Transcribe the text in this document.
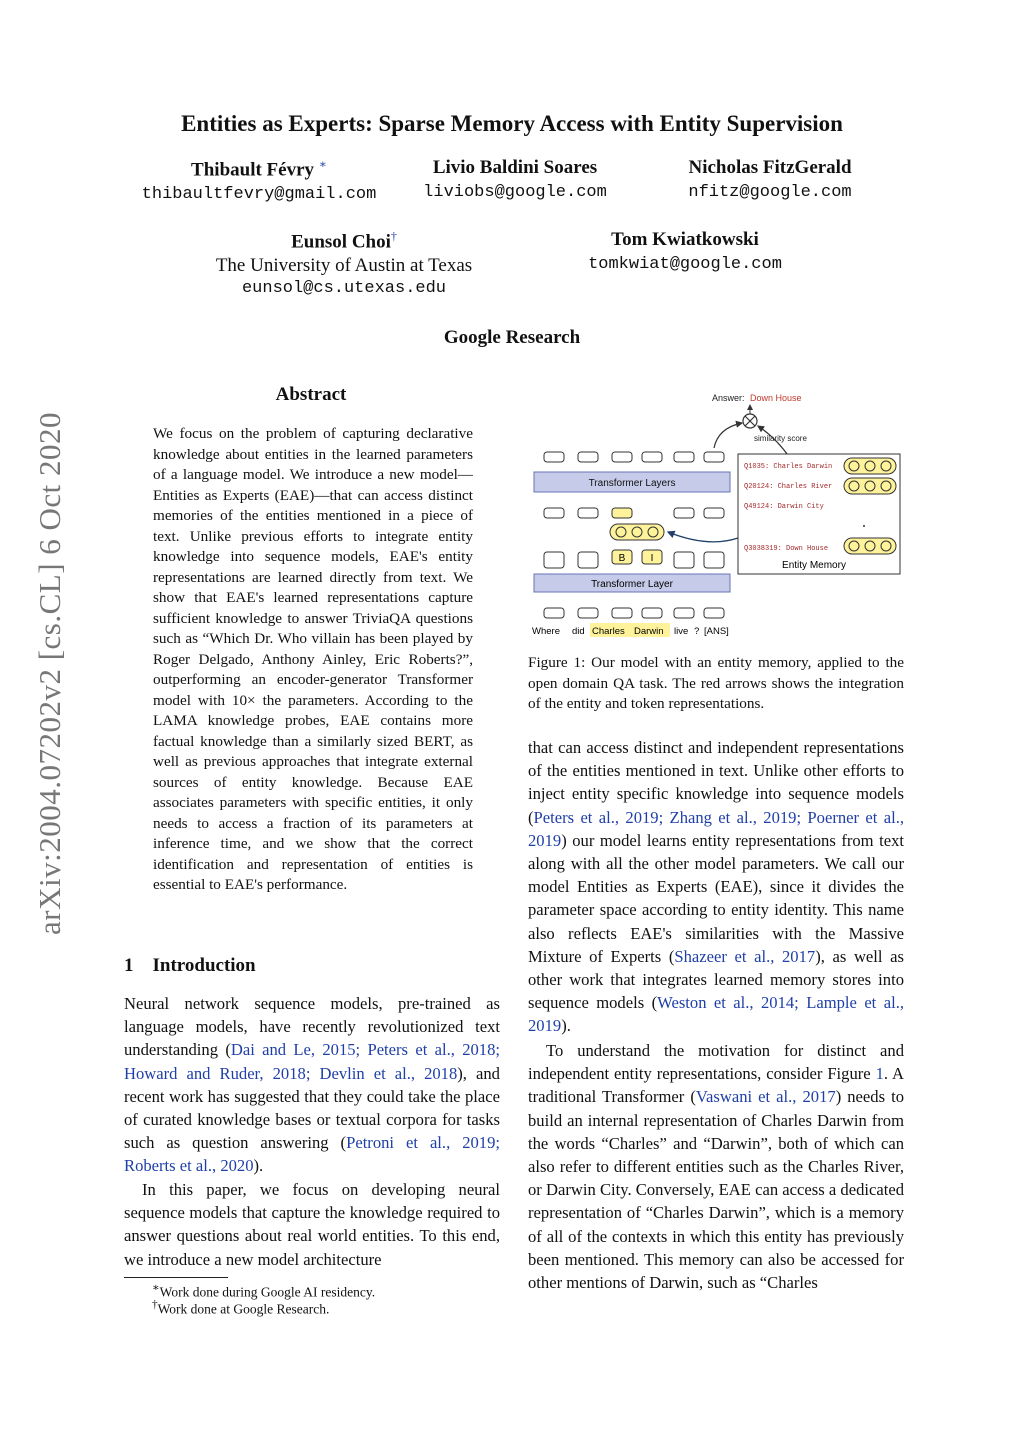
Entities as Experts: Sparse Memory Access with Entity Supervision
arXiv:2004.07202v2 [cs.CL] 6 Oct 2020
Thibault Févry ∗
thibaultfevry@gmail.com
Livio Baldini Soares
liviobs@google.com
Nicholas FitzGerald
nfitz@google.com
Eunsol Choi†
The University of Austin at Texas
eunsol@cs.utexas.edu
Tom Kwiatkowski
tomkwiat@google.com
Google Research
Abstract
We focus on the problem of capturing declarative knowledge about entities in the learned parameters of a language model. We introduce a new model—Entities as Experts (EAE)—that can access distinct memories of the entities mentioned in a piece of text. Unlike previous efforts to integrate entity knowledge into sequence models, EAE's entity representations are learned directly from text. We show that EAE's learned representations capture sufficient knowledge to answer TriviaQA questions such as “Which Dr. Who villain has been played by Roger Delgado, Anthony Ainley, Eric Roberts?”, outperforming an encoder-generator Transformer model with 10× the parameters. According to the LAMA knowledge probes, EAE contains more factual knowledge than a similarly sized BERT, as well as previous approaches that integrate external sources of entity knowledge. Because EAE associates parameters with specific entities, it only needs to access a fraction of its parameters at inference time, and we show that the correct identification and representation of entities is essential to EAE's performance.
1 Introduction
Neural network sequence models, pre-trained as language models, have recently revolutionized text understanding (Dai and Le, 2015; Peters et al., 2018; Howard and Ruder, 2018; Devlin et al., 2018), and recent work has suggested that they could take the place of curated knowledge bases or textual corpora for tasks such as question answering (Petroni et al., 2019; Roberts et al., 2020).
In this paper, we focus on developing neural sequence models that capture the knowledge required to answer questions about real world entities. To this end, we introduce a new model architecture
∗Work done during Google AI residency.
†Work done at Google Research.
Answer: Down House
similarity score
Transformer Layers
B	I
Transformer Layer
Where did Charles Darwin live ? [ANS]
Q1035: Charles Darwin
Q20124: Charles River
Q49124: Darwin City
Q3038319: Down House
Entity Memory
Figure 1: Our model with an entity memory, applied to the open domain QA task. The red arrows shows the integration of the entity and token representations.
that can access distinct and independent representations of the entities mentioned in text. Unlike other efforts to inject entity specific knowledge into sequence models (Peters et al., 2019; Zhang et al., 2019; Poerner et al., 2019) our model learns entity representations from text along with all the other model parameters. We call our model Entities as Experts (EAE), since it divides the parameter space according to entity identity. This name also reflects EAE's similarities with the Massive Mixture of Experts (Shazeer et al., 2017), as well as other work that integrates learned memory stores into sequence models (Weston et al., 2014; Lample et al., 2019).
To understand the motivation for distinct and independent entity representations, consider Figure 1. A traditional Transformer (Vaswani et al., 2017) needs to build an internal representation of Charles Darwin from the words “Charles” and “Darwin”, both of which can also refer to different entities such as the Charles River, or Darwin City. Conversely, EAE can access a dedicated representation of “Charles Darwin”, which is a memory of all of the contexts in which this entity has previously been mentioned. This memory can also be accessed for other mentions of Darwin, such as “Charles
